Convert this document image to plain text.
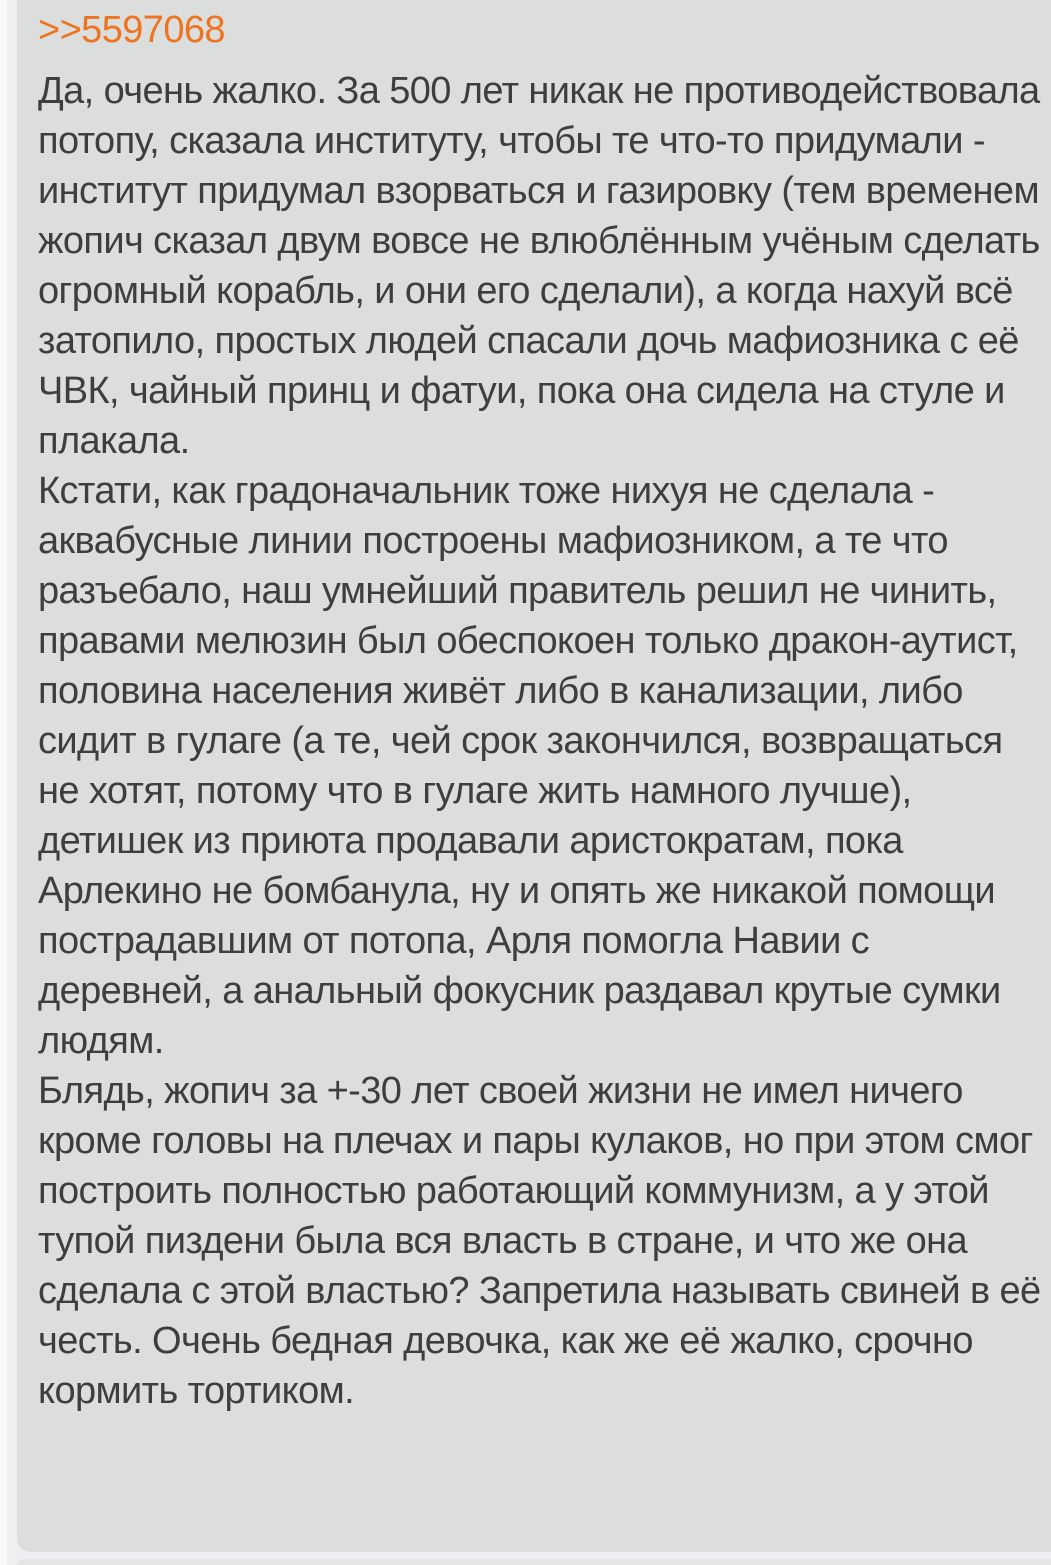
>>5597068
Да, очень жалко. За 500 лет никак не противодействовала потопу, сказала институту, чтобы те что-то придумали - институт придумал взорваться и газировку (тем временем жопич сказал двум вовсе не влюблённым учёным сделать огромный корабль, и они его сделали), а когда нахуй всё затопило, простых людей спасали дочь мафиозника с её ЧВК, чайный принц и фатуи, пока она сидела на стуле и плакала.
Кстати, как градоначальник тоже нихуя не сделала - аквабусные линии построены мафиозником, а те что разъебало, наш умнейший правитель решил не чинить, правами мелюзин был обеспокоен только дракон-аутист, половина населения живёт либо в канализации, либо сидит в гулаге (а те, чей срок закончился, возвращаться не хотят, потому что в гулаге жить намного лучше), детишек из приюта продавали аристократам, пока Арлекино не бомбанула, ну и опять же никакой помощи пострадавшим от потопа, Арля помогла Навии с деревней, а анальный фокусник раздавал крутые сумки людям.
Блядь, жопич за +-30 лет своей жизни не имел ничего кроме головы на плечах и пары кулаков, но при этом смог построить полностью работающий коммунизм, а у этой тупой пиздени была вся власть в стране, и что же она сделала с этой властью? Запретила называть свиней в её честь. Очень бедная девочка, как же её жалко, срочно кормить тортиком.
